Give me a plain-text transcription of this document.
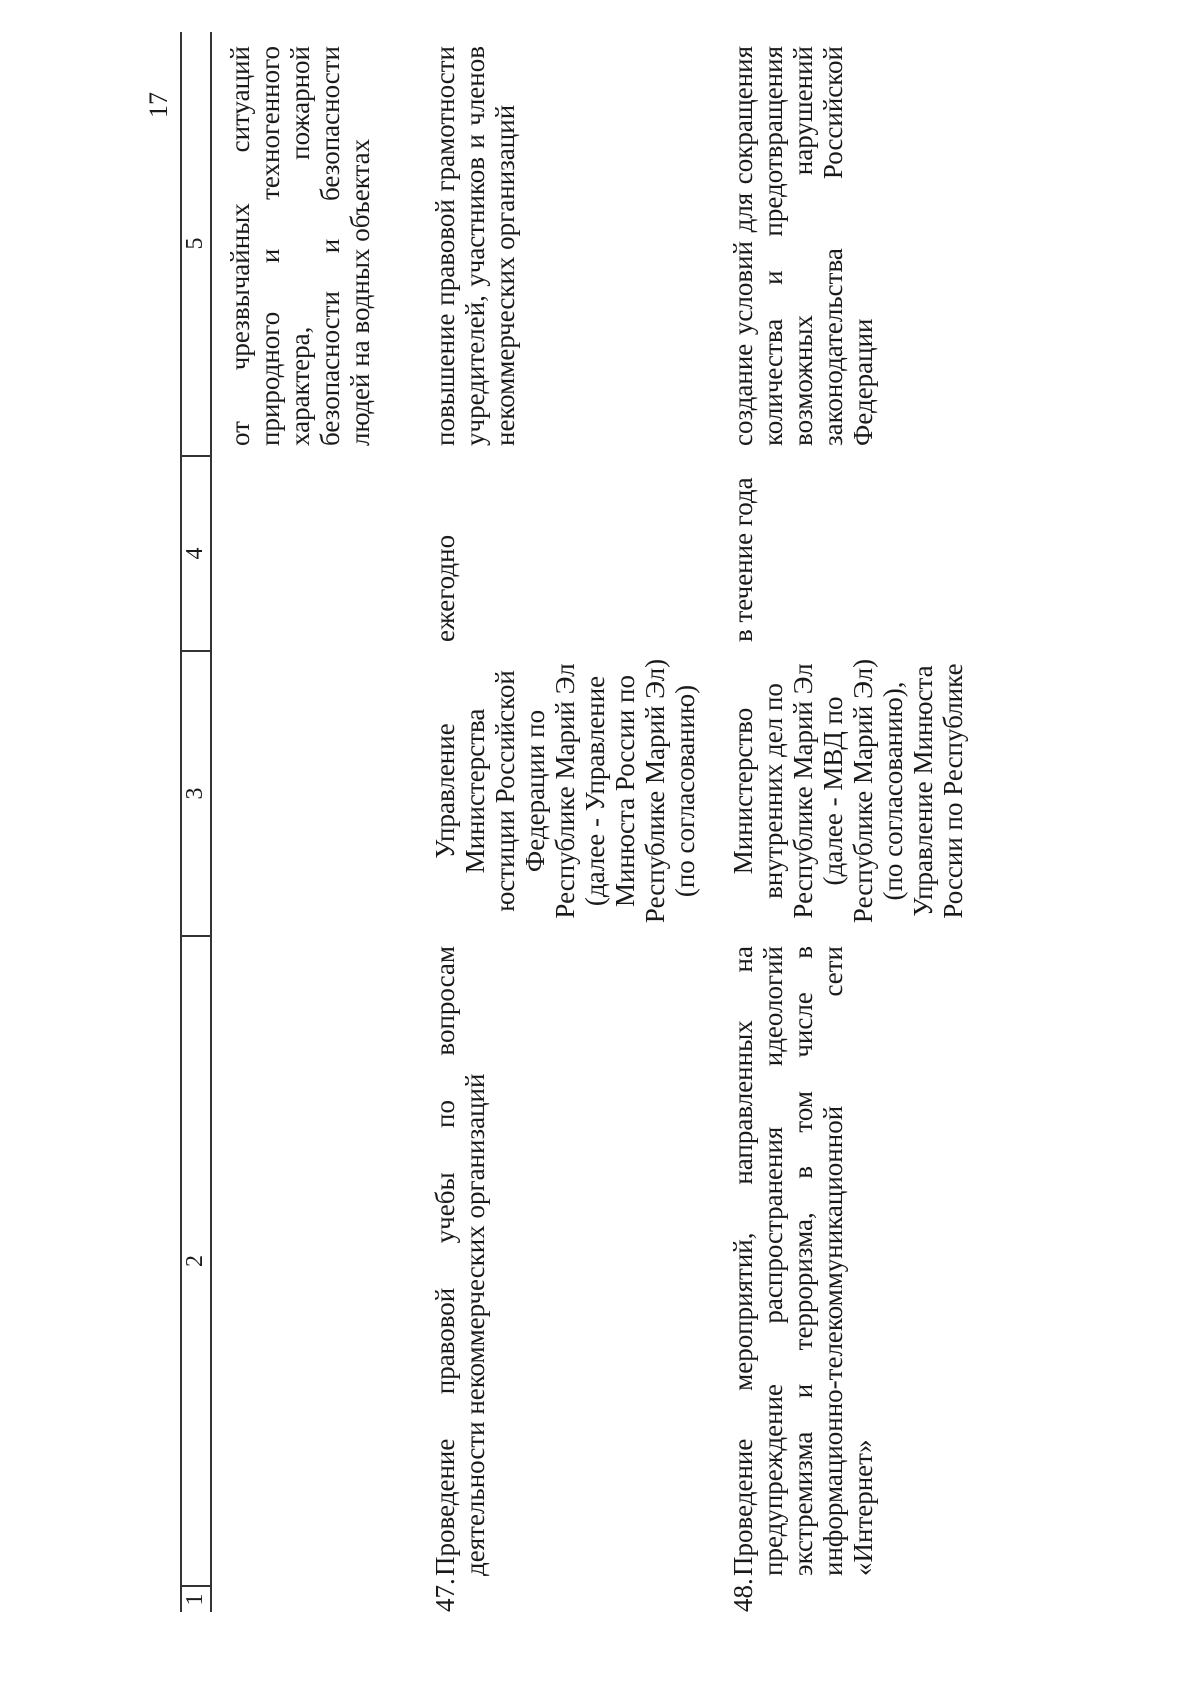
17
1
2
3
4
5 от чрезвычайных ситуаций природного и техногенного характера, пожарной безопасности и безопасности людей на водных объектах
47.
Проведение правовой учебы по вопросам деятельности некоммерческих организаций
Управление Министерства юстиции Российской Федерации по Республике Марий Эл (далее - Управление Минюста России по Республике Марий Эл) (по согласованию)
ежегодно
повышение правовой грамотности учредителей, участников и членов некоммерческих организаций
48.
Проведение мероприятий, направленных на предупреждение распространения идеологий экстремизма и терроризма, в том числе в информационно-телекоммуникационной сети «Интернет»
Министерство внутренних дел по Республике Марий Эл (далее - МВД по Республике Марий Эл) (по согласованию), Управление Минюста России по Республике
в течение года
создание условий для сокращения количества и предотвращения возможных нарушений законодательства Российской Федерации
